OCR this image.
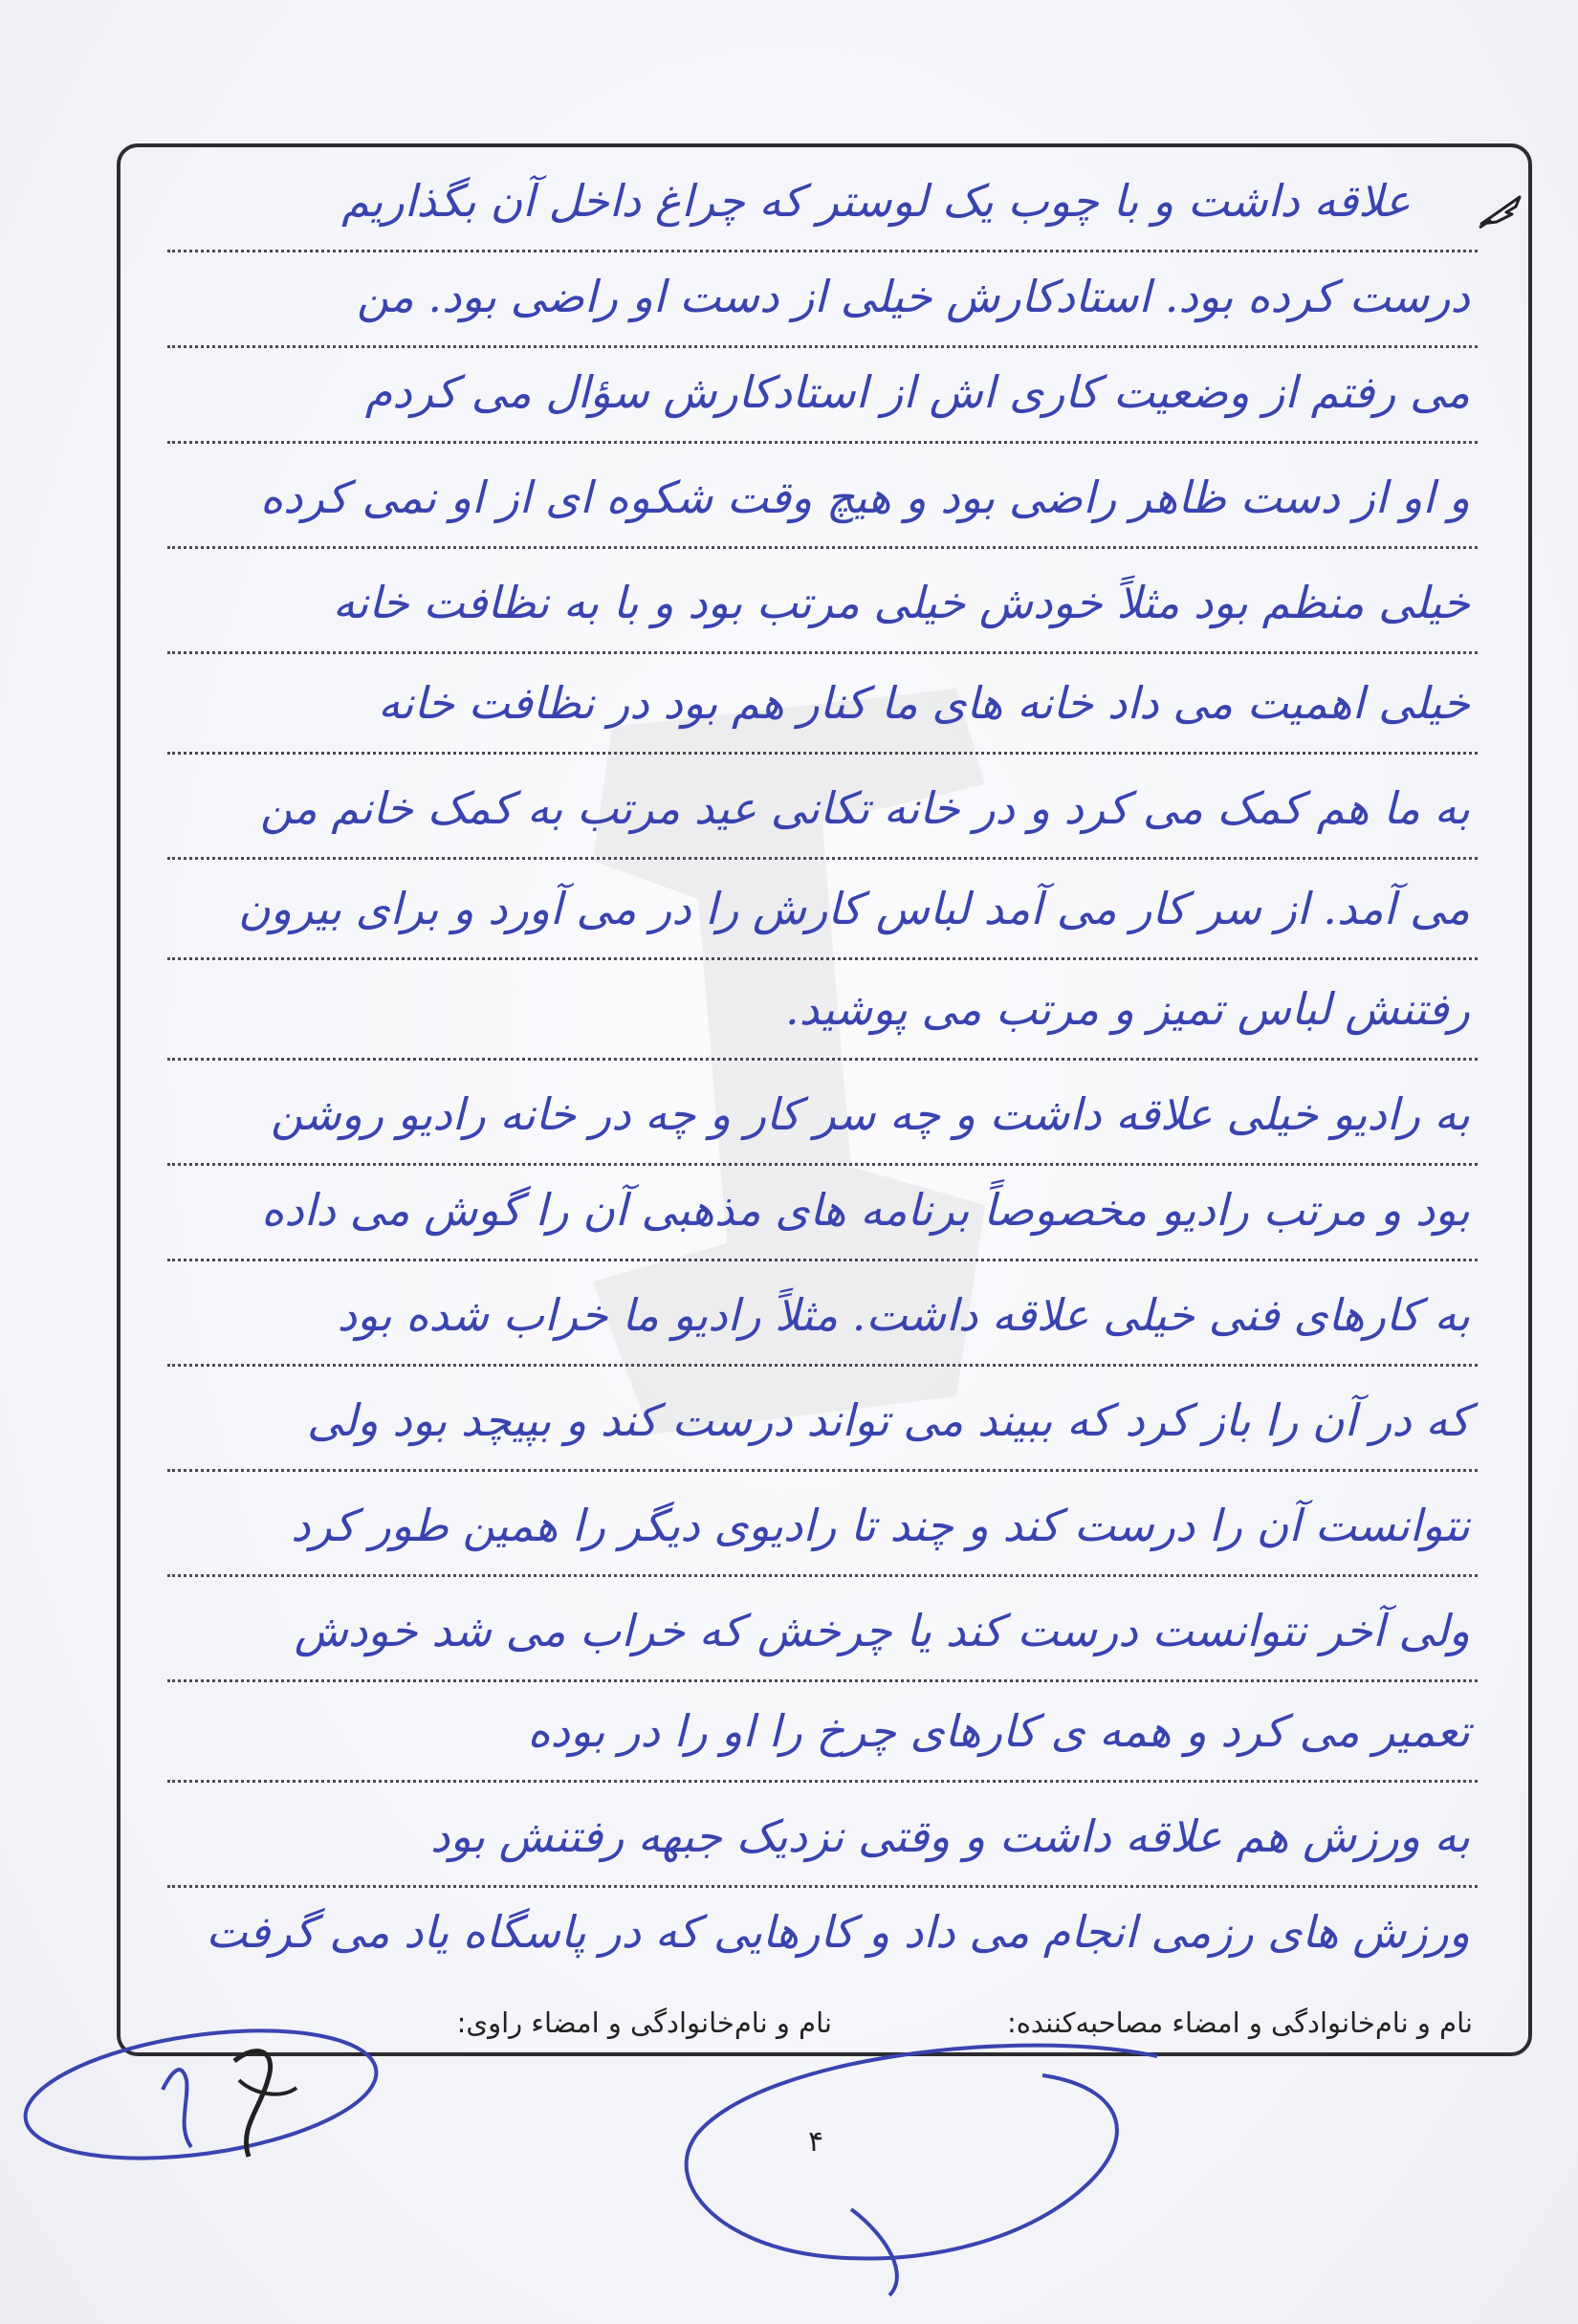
علاقه داشت و با چوب یک لوستر که چراغ داخل آن بگذاریم
درست کرده بود. استادکارش خیلی از دست او راضی بود. من
می رفتم از وضعیت کاری اش از استادکارش سؤال می کردم
و او از دست ظاهر راضی بود و هیچ وقت شکوه ای از او نمی کرده
خیلی منظم بود مثلاً خودش خیلی مرتب بود و با به نظافت خانه
خیلی اهمیت می داد خانه های ما کنار هم بود در نظافت خانه
به ما هم کمک می کرد و در خانه تکانی عید مرتب به کمک خانم من
می آمد. از سر کار می آمد لباس کارش را در می آورد و برای بیرون
رفتنش لباس تمیز و مرتب می پوشید.
به رادیو خیلی علاقه داشت و چه سر کار و چه در خانه رادیو روشن
بود و مرتب رادیو مخصوصاً برنامه های مذهبی آن را گوش می داده
به کارهای فنی خیلی علاقه داشت. مثلاً رادیو ما خراب شده بود
که در آن را باز کرد که ببیند می تواند درست کند و بپیچد بود ولی
نتوانست آن را درست کند و چند تا رادیوی دیگر را همین طور کرد
ولی آخر نتوانست درست کند یا چرخش که خراب می شد خودش
تعمیر می کرد و همه ی کارهای چرخ را او را در بوده
به ورزش هم علاقه داشت و وقتی نزدیک جبهه رفتنش بود
ورزش های رزمی انجام می داد و کارهایی که در پاسگاه یاد می گرفت
نام و نام‌خانوادگی و امضاء مصاحبه‌کننده:
نام و نام‌خانوادگی و امضاء راوی:
۴
